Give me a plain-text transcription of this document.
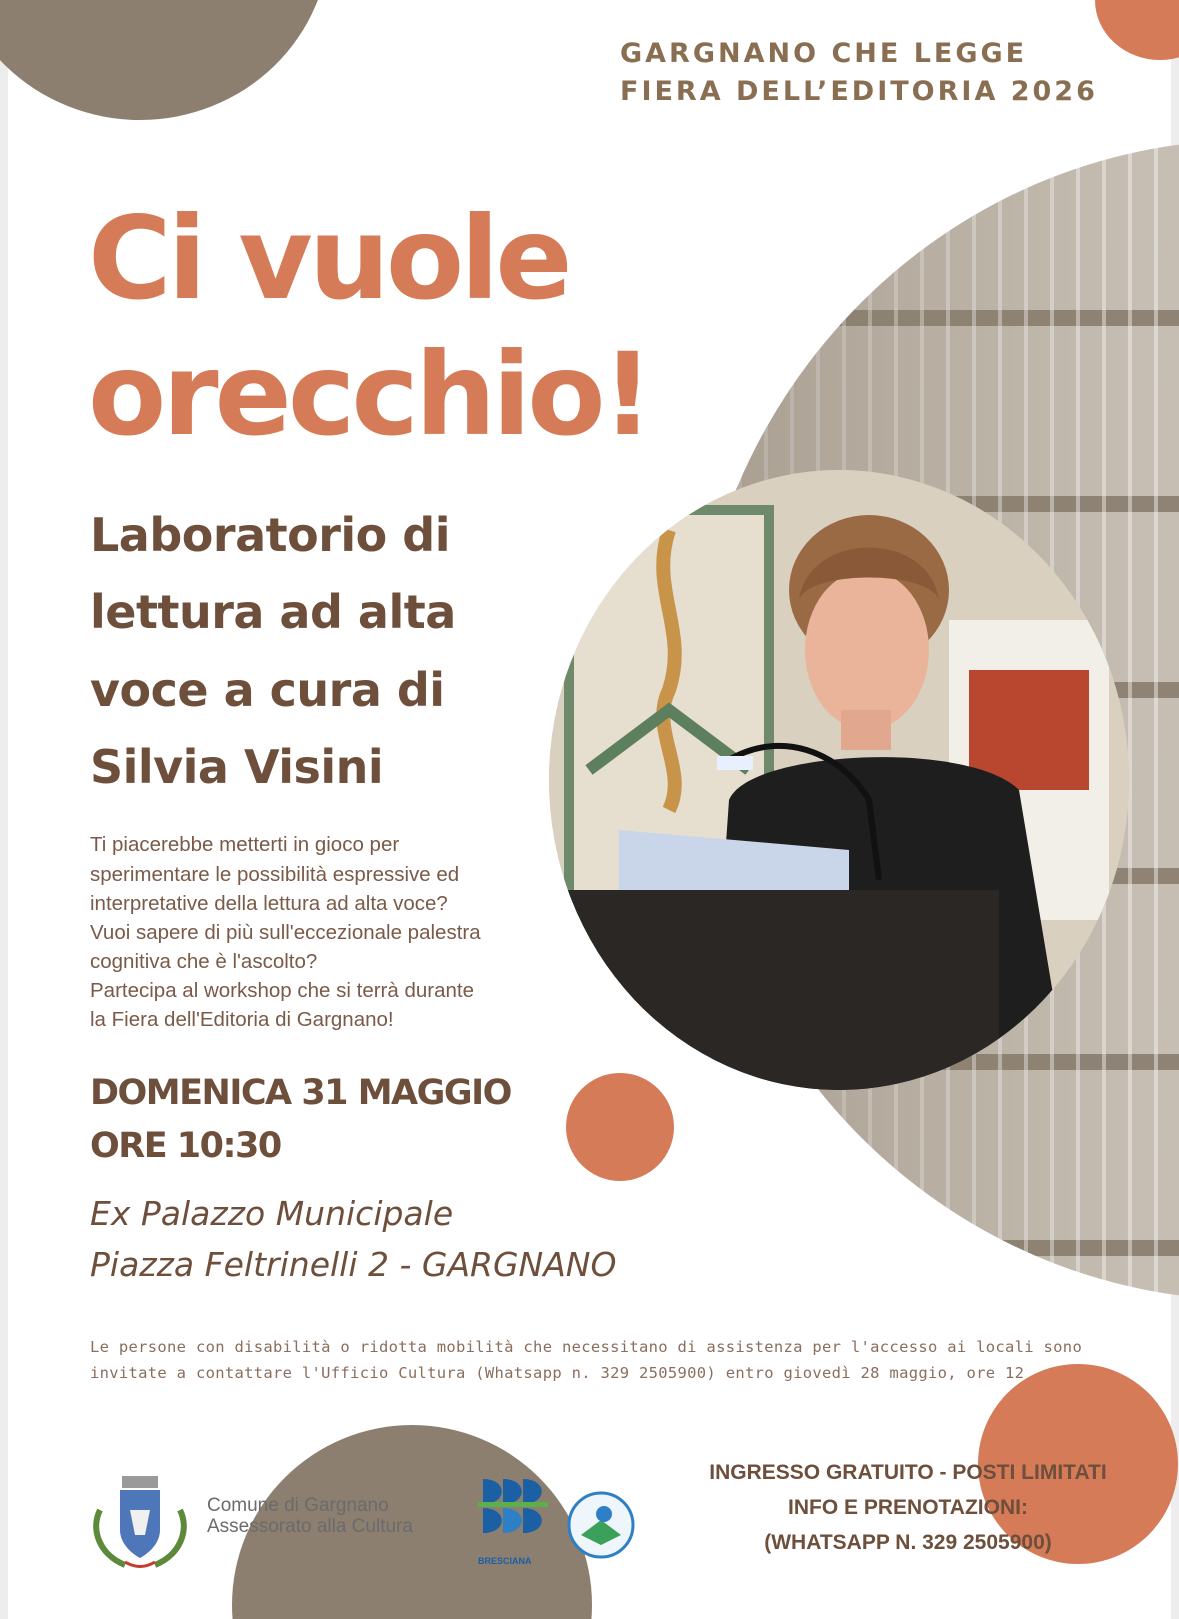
GARGNANO CHE LEGGE
FIERA DELL’EDITORIA 2026
Ci vuole
orecchio!
Laboratorio di
lettura ad alta
voce a cura di
Silvia Visini
Ti piacerebbe metterti in gioco per
sperimentare le possibilità espressive ed
interpretative della lettura ad alta voce?
Vuoi sapere di più sull'eccezionale palestra
cognitiva che è l'ascolto?
Partecipa al workshop che si terrà durante
la Fiera dell'Editoria di Gargnano!
DOMENICA 31 MAGGIO
ORE 10:30
Ex Palazzo Municipale
Piazza Feltrinelli 2 - GARGNANO
Le persone con disabilità o ridotta mobilità che necessitano di assistenza per l'accesso ai locali sono
invitate a contattare l'Ufficio Cultura (Whatsapp n. 329 2505900) entro giovedì 28 maggio, ore 12
Comune di Gargnano
Assessorato alla Cultura
BRESCIANA
INGRESSO GRATUITO - POSTI LIMITATI
INFO E PRENOTAZIONI:
(WHATSAPP N. 329 2505900)
